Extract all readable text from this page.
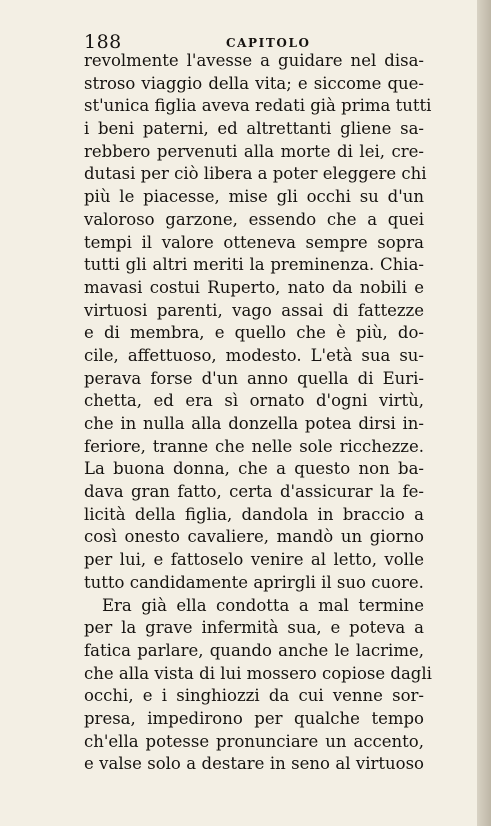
188	CAPITOLO
revolmente l'avesse a guidare nel disa-
stroso viaggio della vita; e siccome que-
st'unica figlia aveva redati già prima tutti
i beni paterni, ed altrettanti gliene sa-
rebbero pervenuti alla morte di lei, cre-
dutasi per ciò libera a poter eleggere chi
più le piacesse, mise gli occhi su d'un
valoroso garzone, essendo che a quei
tempi il valore otteneva sempre sopra
tutti gli altri meriti la preminenza. Chia-
mavasi costui Ruperto, nato da nobili e
virtuosi parenti, vago assai di fattezze
e di membra, e quello che è più, do-
cile, affettuoso, modesto. L'età sua su-
perava forse d'un anno quella di Euri-
chetta, ed era sì ornato d'ogni virtù,
che in nulla alla donzella potea dirsi in-
feriore, tranne che nelle sole ricchezze.
La buona donna, che a questo non ba-
dava gran fatto, certa d'assicurar la fe-
licità della figlia, dandola in braccio a
così onesto cavaliere, mandò un giorno
per lui, e fattoselo venire al letto, volle
tutto candidamente aprirgli il suo cuore.
Era già ella condotta a mal termine
per la grave infermità sua, e poteva a
fatica parlare, quando anche le lacrime,
che alla vista di lui mossero copiose dagli
occhi, e i singhiozzi da cui venne sor-
presa, impedirono per qualche tempo
ch'ella potesse pronunciare un accento,
e valse solo a destare in seno al virtuoso
